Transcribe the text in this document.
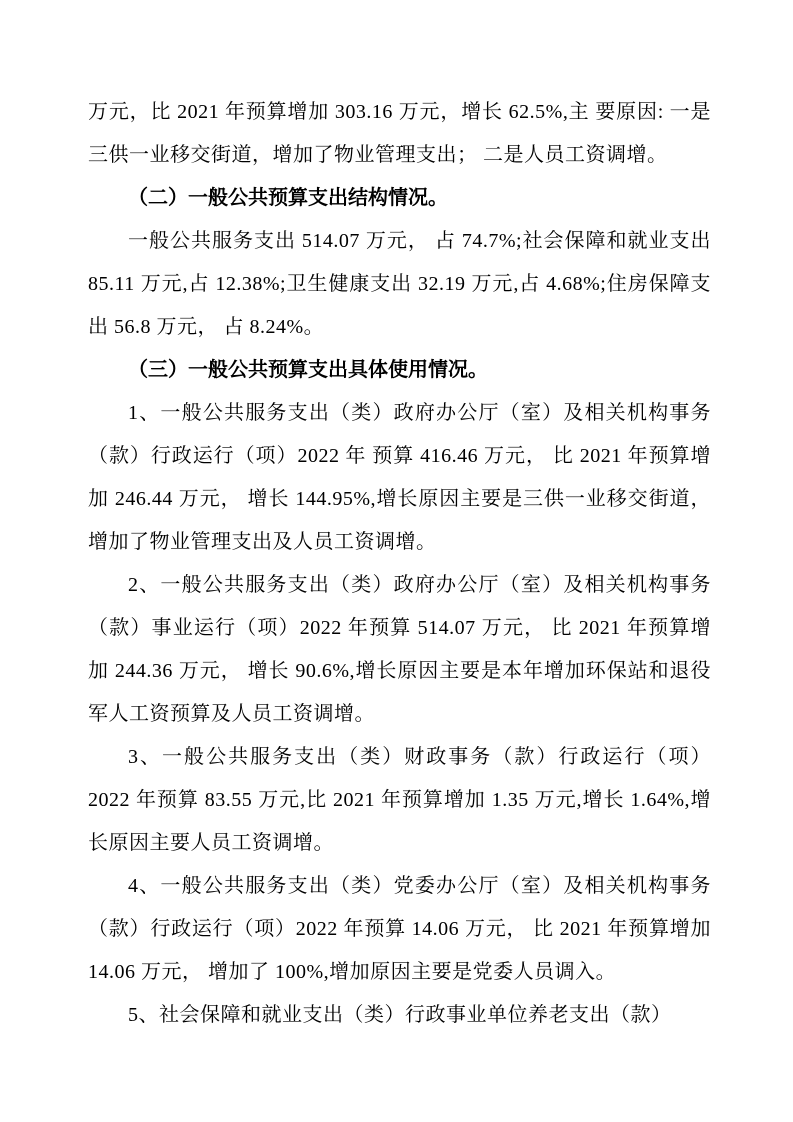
万元，比 2021 年预算增加 303.16 万元，增长 62.5%,主 要原因: 一是三供一业移交街道，增加了物业管理支出； 二是人员工资调增。

（二）一般公共预算支出结构情况。

一般公共服务支出 514.07 万元， 占 74.7%;社会保障和就业支出 85.11 万元,占 12.38%;卫生健康支出 32.19 万元,占 4.68%;住房保障支出 56.8 万元， 占 8.24%。

（三）一般公共预算支出具体使用情况。

1、一般公共服务支出（类）政府办公厅（室）及相关机构事务（款）行政运行（项）2022 年 预算 416.46 万元， 比 2021 年预算增加 246.44 万元， 增长 144.95%,增长原因主要是三供一业移交街道，增加了物业管理支出及人员工资调增。

2、一般公共服务支出（类）政府办公厅（室）及相关机构事务（款）事业运行（项）2022 年预算 514.07 万元， 比 2021 年预算增加 244.36 万元， 增长 90.6%,增长原因主要是本年增加环保站和退役军人工资预算及人员工资调增。

3、一般公共服务支出（类）财政事务（款）行政运行（项）2022 年预算 83.55 万元,比 2021 年预算增加 1.35 万元,增长 1.64%,增长原因主要人员工资调增。

4、一般公共服务支出（类）党委办公厅（室）及相关机构事务（款）行政运行（项）2022 年预算 14.06 万元， 比 2021 年预算增加 14.06 万元， 增加了 100%,增加原因主要是党委人员调入。

5、社会保障和就业支出（类）行政事业单位养老支出（款）
